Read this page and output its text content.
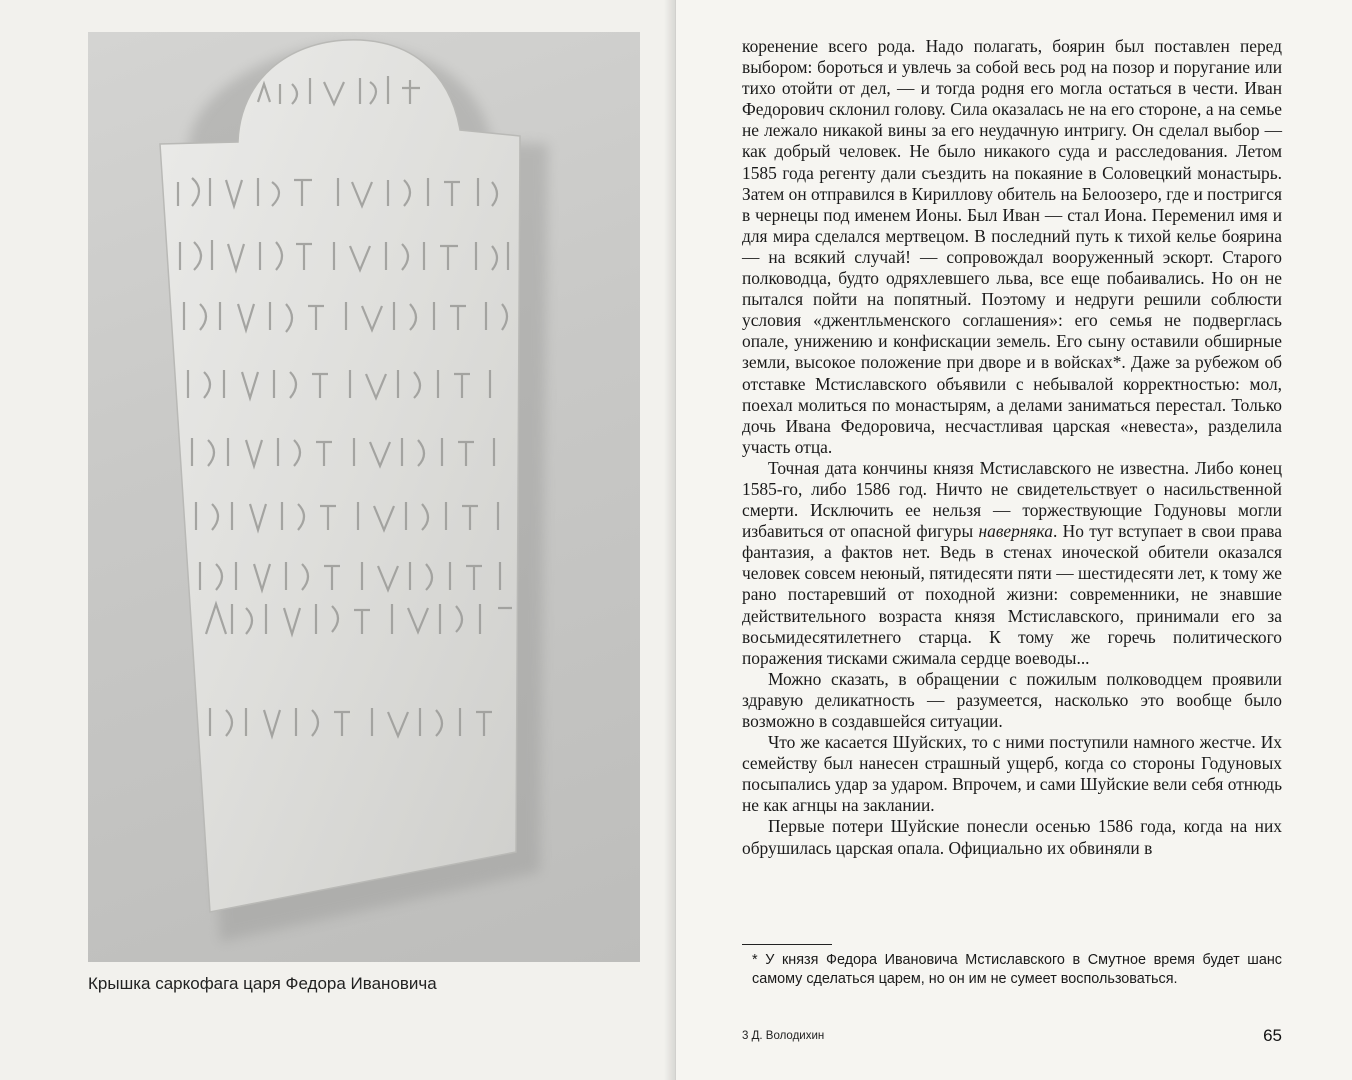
Крышка саркофага царя Федора Ивановича

коренение всего рода. Надо полагать, боярин был поставлен перед выбором: бороться и увлечь за собой весь род на позор и поругание или тихо отойти от дел, — и тогда родня его могла остаться в чести. Иван Федорович склонил голову. Сила оказалась не на его стороне, а на семье не лежало никакой вины за его неудачную интригу. Он сделал выбор — как добрый человек. Не было никакого суда и расследования. Летом 1585 года регенту дали съездить на покаяние в Соловецкий монастырь. Затем он отправился в Кириллову обитель на Белоозеро, где и постригся в чернецы под именем Ионы. Был Иван — стал Иона. Переменил имя и для мира сделался мертвецом. В последний путь к тихой келье боярина — на всякий случай! — сопровождал вооруженный эскорт. Старого полководца, будто одряхлевшего льва, все еще побаивались. Но он не пытался пойти на попятный. Поэтому и недруги решили соблюсти условия «джентльменского соглашения»: его семья не подверглась опале, унижению и конфискации земель. Его сыну оставили обширные земли, высокое положение при дворе и в войсках*. Даже за рубежом об отставке Мстиславского объявили с небывалой корректностью: мол, поехал молиться по монастырям, а делами заниматься перестал. Только дочь Ивана Федоровича, несчастливая царская «невеста», разделила участь отца.

Точная дата кончины князя Мстиславского не известна. Либо конец 1585-го, либо 1586 год. Ничто не свидетельствует о насильственной смерти. Исключить ее нельзя — торжествующие Годуновы могли избавиться от опасной фигуры наверняка. Но тут вступает в свои права фантазия, а фактов нет. Ведь в стенах иноческой обители оказался человек совсем неюный, пятидесяти пяти — шестидесяти лет, к тому же рано постаревший от походной жизни: современники, не знавшие действительного возраста князя Мстиславского, принимали его за восьмидесятилетнего старца. К тому же горечь политического поражения тисками сжимала сердце воеводы...

Можно сказать, в обращении с пожилым полководцем проявили здравую деликатность — разумеется, насколько это вообще было возможно в создавшейся ситуации.

Что же касается Шуйских, то с ними поступили намного жестче. Их семейству был нанесен страшный ущерб, когда со стороны Годуновых посыпались удар за ударом. Впрочем, и сами Шуйские вели себя отнюдь не как агнцы на заклании.

Первые потери Шуйские понесли осенью 1586 года, когда на них обрушилась царская опала. Официально их обвиняли в

* У князя Федора Ивановича Мстиславского в Смутное время будет шанс самому сделаться царем, но он им не сумеет воспользоваться.
3 Д. Володихин	65
